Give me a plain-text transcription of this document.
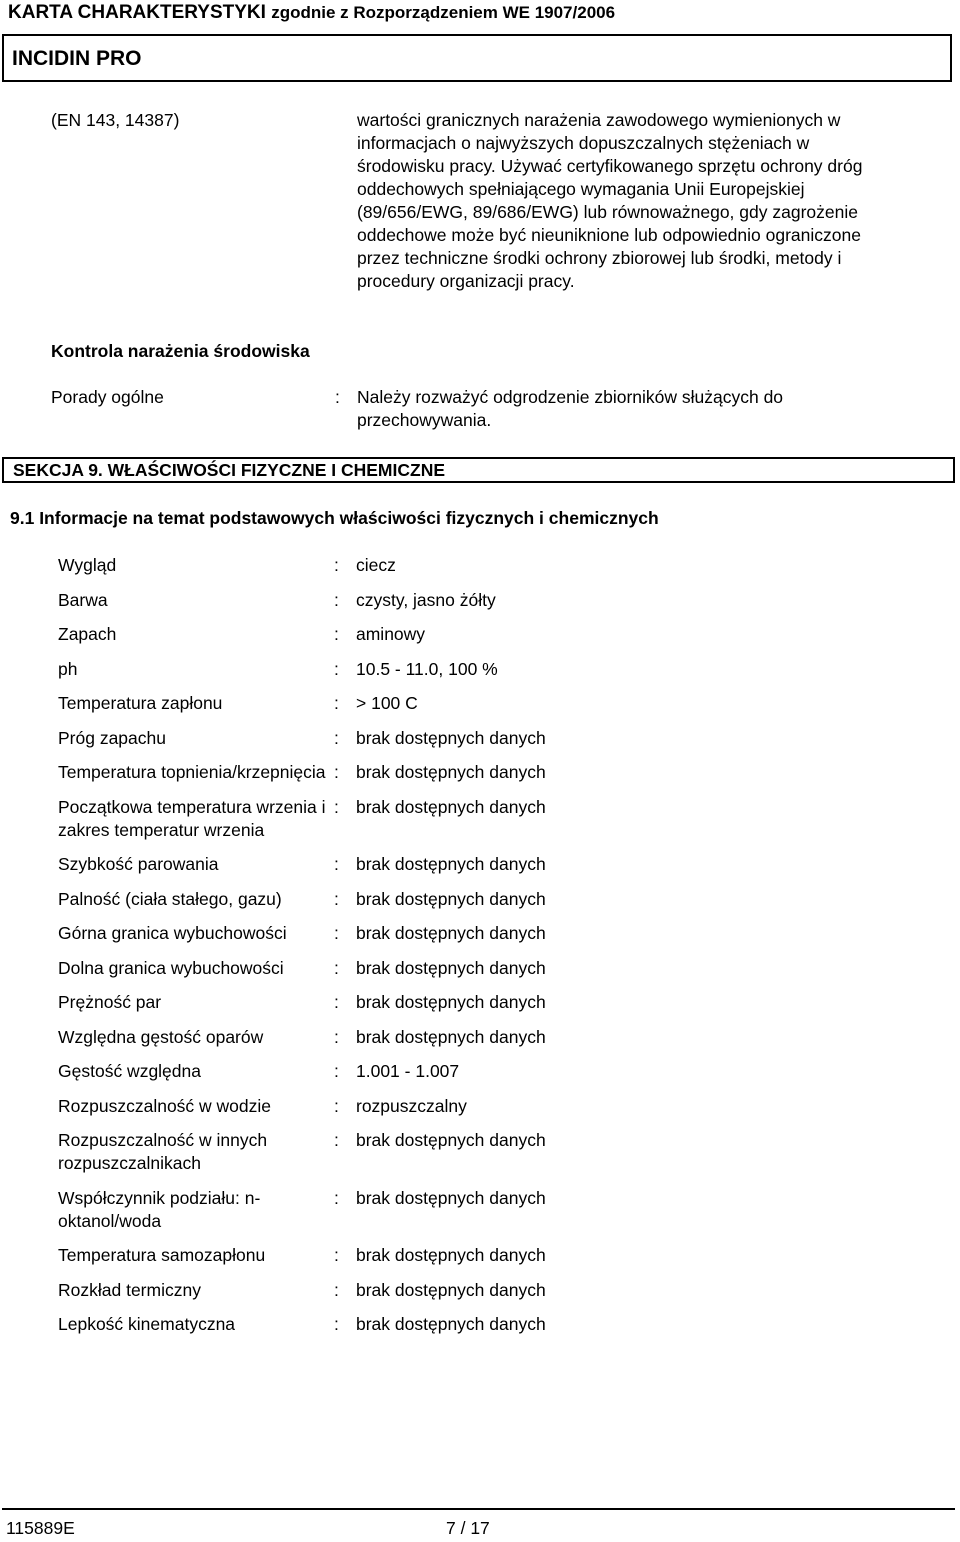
KARTA CHARAKTERYSTYKI zgodnie z Rozporządzeniem WE 1907/2006
INCIDIN PRO
(EN 143, 14387)	wartości granicznych narażenia zawodowego wymienionych w
informacjach o najwyższych dopuszczalnych stężeniach w
środowisku pracy. Używać certyfikowanego sprzętu ochrony dróg
oddechowych spełniającego wymagania Unii Europejskiej
(89/656/EWG, 89/686/EWG) lub równoważnego, gdy zagrożenie
oddechowe może być nieuniknione lub odpowiednio ograniczone
przez techniczne środki ochrony zbiorowej lub środki, metody i
procedury organizacji pracy.
Kontrola narażenia środowiska
Porady ogólne	: Należy rozważyć odgrodzenie zbiorników służących do
przechowywania.
SEKCJA 9. WŁAŚCIWOŚCI FIZYCZNE I CHEMICZNE
9.1 Informacje na temat podstawowych właściwości fizycznych i chemicznych
Wygląd	: ciecz
Barwa	: czysty, jasno żółty
Zapach	: aminowy
ph	: 10.5 - 11.0, 100 %
Temperatura zapłonu	: > 100 C
Próg zapachu	: brak dostępnych danych
Temperatura topnienia/krzepnięcia : brak dostępnych danych
Początkowa temperatura wrzenia i zakres temperatur wrzenia
: brak dostępnych danych
Szybkość parowania	: brak dostępnych danych
Palność (ciała stałego, gazu)	: brak dostępnych danych
Górna granica wybuchowości	: brak dostępnych danych
Dolna granica wybuchowości	: brak dostępnych danych
Prężność par	: brak dostępnych danych
Względna gęstość oparów	: brak dostępnych danych
Gęstość względna	: 1.001 - 1.007
Rozpuszczalność w wodzie	: rozpuszczalny
Rozpuszczalność w innych rozpuszczalnikach
: brak dostępnych danych
Współczynnik podziału: n-oktanol/woda
: brak dostępnych danych
Temperatura samozapłonu	: brak dostępnych danych
Rozkład termiczny	: brak dostępnych danych
Lepkość kinematyczna	: brak dostępnych danych
115889E	7 / 17
